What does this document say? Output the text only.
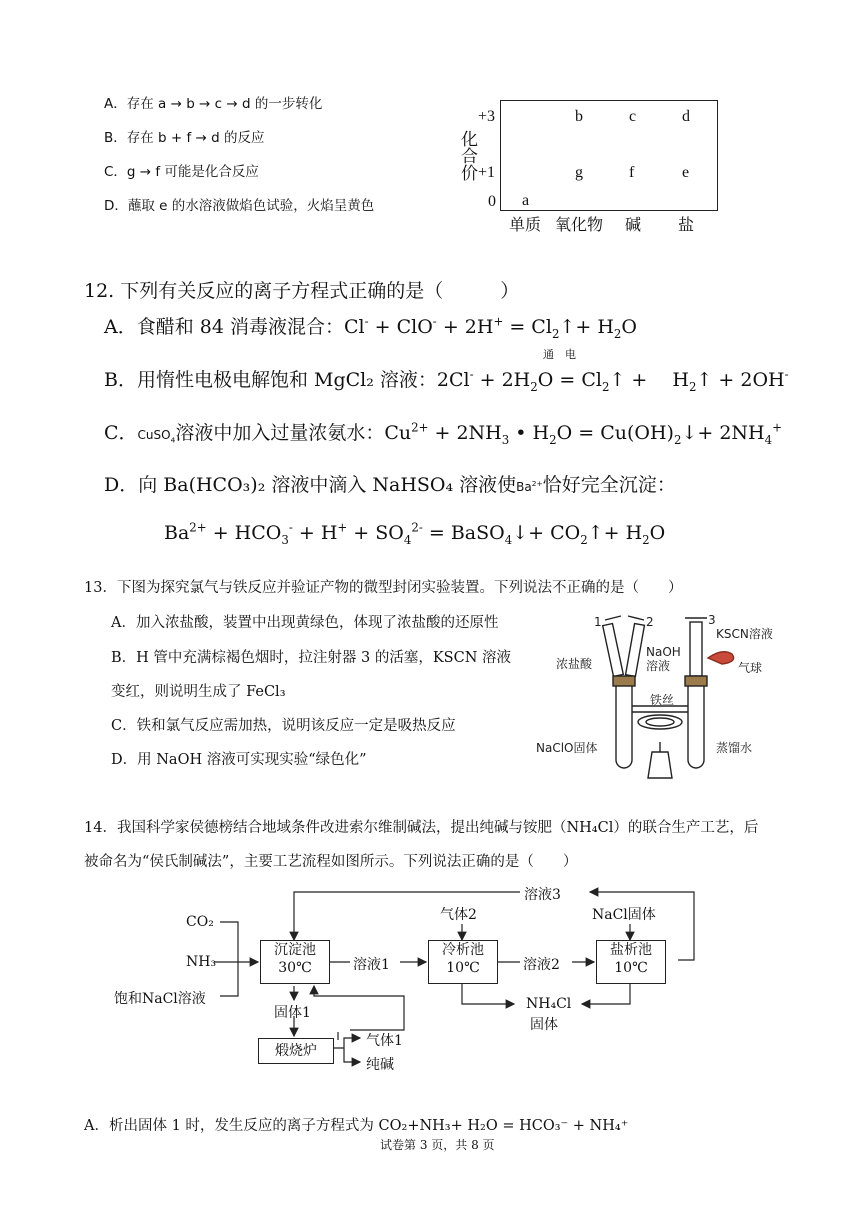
A．存在 a → b → c → d 的一步转化
B．存在 b + f → d 的反应
C．g → f 可能是化合反应
D．蘸取 e 的水溶液做焰色试验，火焰呈黄色
化合价
+3
+1
0 a
b	c	d
g	f	e
单质 氧化物 碱 盐
12. 下列有关反应的离子方程式正确的是（　　　）
A．食醋和 84 消毒液混合：$Cl^- + ClO^- + 2H^+ = Cl_2↑+ H_2O$
通　电
B．用惰性电极电解饱和 MgCl₂ 溶液：$2Cl^- + 2H_2O$ = $Cl_2↑$ +　 $H_2↑ + 2OH^-$
C．CuSO$_4$溶液中加入过量浓氨水：$Cu^{2+} + 2NH_3$ • $H_2O$ = $Cu(OH)_2↓+ 2NH_4^+$
D．向 Ba(HCO₃)₂ 溶液中滴入 NaHSO₄ 溶液使$Ba^{2+}$恰好完全沉淀：
$Ba^{2+} + HCO_3^- + H^+ + SO_4^{2-}$ = BaSO$_4$↓+ $CO_2↑+ H_2O$
13．下图为探究氯气与铁反应并验证产物的微型封闭实验装置。下列说法不正确的是（　　）
A．加入浓盐酸，装置中出现黄绿色，体现了浓盐酸的还原性
B．H 管中充满棕褐色烟时，拉注射器 3 的活塞，KSCN 溶液
变红，则说明生成了 FeCl₃
C．铁和氯气反应需加热，说明该反应一定是吸热反应
D．用 NaOH 溶液可实现实验“绿色化”
1	2	3
KSCN溶液
浓盐酸
NaOH
溶液	气球
铁丝
NaClO固体	蒸馏水
14．我国科学家侯德榜结合地域条件改进索尔维制碱法，提出纯碱与铵肥（NH₄Cl）的联合生产工艺，后
被命名为“侯氏制碱法”，主要工艺流程如图所示。下列说法正确的是（　　）
CO₂
NH₃
饱和NaCl溶液
沉淀池
30℃
冷析池
10℃
盐析池
10℃
煅烧炉
溶液1	溶液2
溶液3
气体2	NaCl固体
固体1
气体1
纯碱
NH₄Cl
固体
A．析出固体 1 时，发生反应的离子方程式为 CO₂+NH₃+ H₂O = HCO₃⁻ + NH₄⁺
试卷第 3 页，共 8 页
